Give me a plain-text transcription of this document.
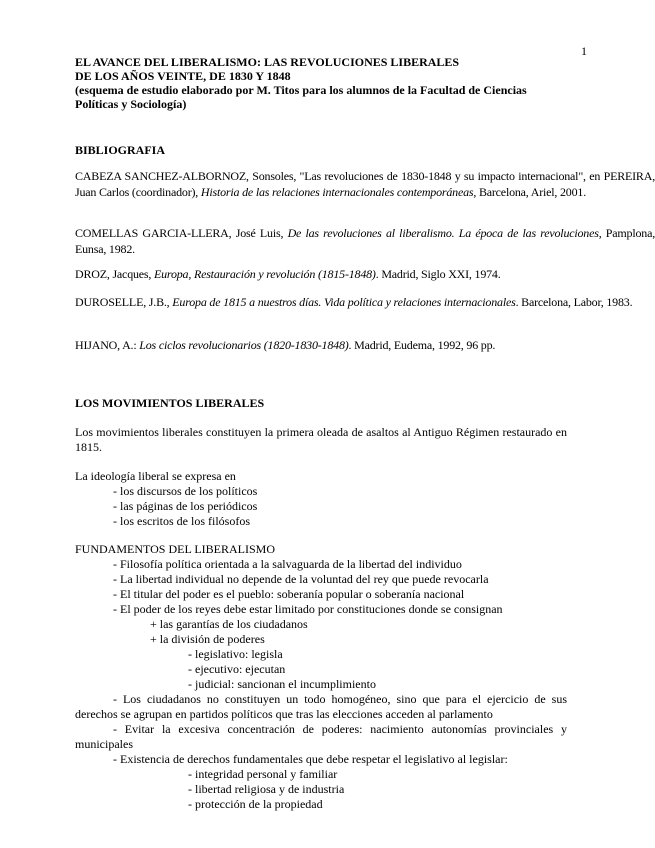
1
EL AVANCE DEL LIBERALISMO: LAS REVOLUCIONES LIBERALES
DE LOS AÑOS VEINTE, DE 1830 Y 1848
(esquema de estudio elaborado por M. Titos para los alumnos de la Facultad de Ciencias
Políticas y Sociología)
BIBLIOGRAFIA
CABEZA SANCHEZ-ALBORNOZ, Sonsoles, "Las revoluciones de 1830-1848 y su impacto internacional", en PEREIRA, Juan Carlos (coordinador), Historia de las relaciones internacionales contemporáneas, Barcelona, Ariel, 2001.
COMELLAS GARCIA-LLERA, José Luis, De las revoluciones al liberalismo. La época de las revoluciones, Pamplona, Eunsa, 1982.
DROZ, Jacques, Europa, Restauración y revolución (1815-1848). Madrid, Siglo XXI, 1974.
DUROSELLE, J.B., Europa de 1815 a nuestros días. Vida política y relaciones internacionales. Barcelona, Labor, 1983.
HIJANO, A.: Los ciclos revolucionarios (1820-1830-1848). Madrid, Eudema, 1992, 96 pp.
LOS MOVIMIENTOS LIBERALES
Los movimientos liberales constituyen la primera oleada de asaltos al Antiguo Régimen restaurado en 1815.
La ideología liberal se expresa en
- los discursos de los políticos
- las páginas de los periódicos
- los escritos de los filósofos
FUNDAMENTOS DEL LIBERALISMO
- Filosofía política orientada a la salvaguarda de la libertad del individuo
- La libertad individual no depende de la voluntad del rey que puede revocarla
- El titular del poder es el pueblo: soberanía popular o soberanía nacional
- El poder de los reyes debe estar limitado por constituciones donde se consignan
+ las garantías de los ciudadanos
+ la división de poderes
- legislativo: legisla
- ejecutivo: ejecutan
- judicial: sancionan el incumplimiento
- Los ciudadanos no constituyen un todo homogéneo, sino que para el ejercicio de sus derechos se agrupan en partidos políticos que tras las elecciones acceden al parlamento
- Evitar la excesiva concentración de poderes: nacimiento autonomías provinciales y municipales
- Existencia de derechos fundamentales que debe respetar el legislativo al legislar:
- integridad personal y familiar
- libertad religiosa y de industria
- protección de la propiedad
